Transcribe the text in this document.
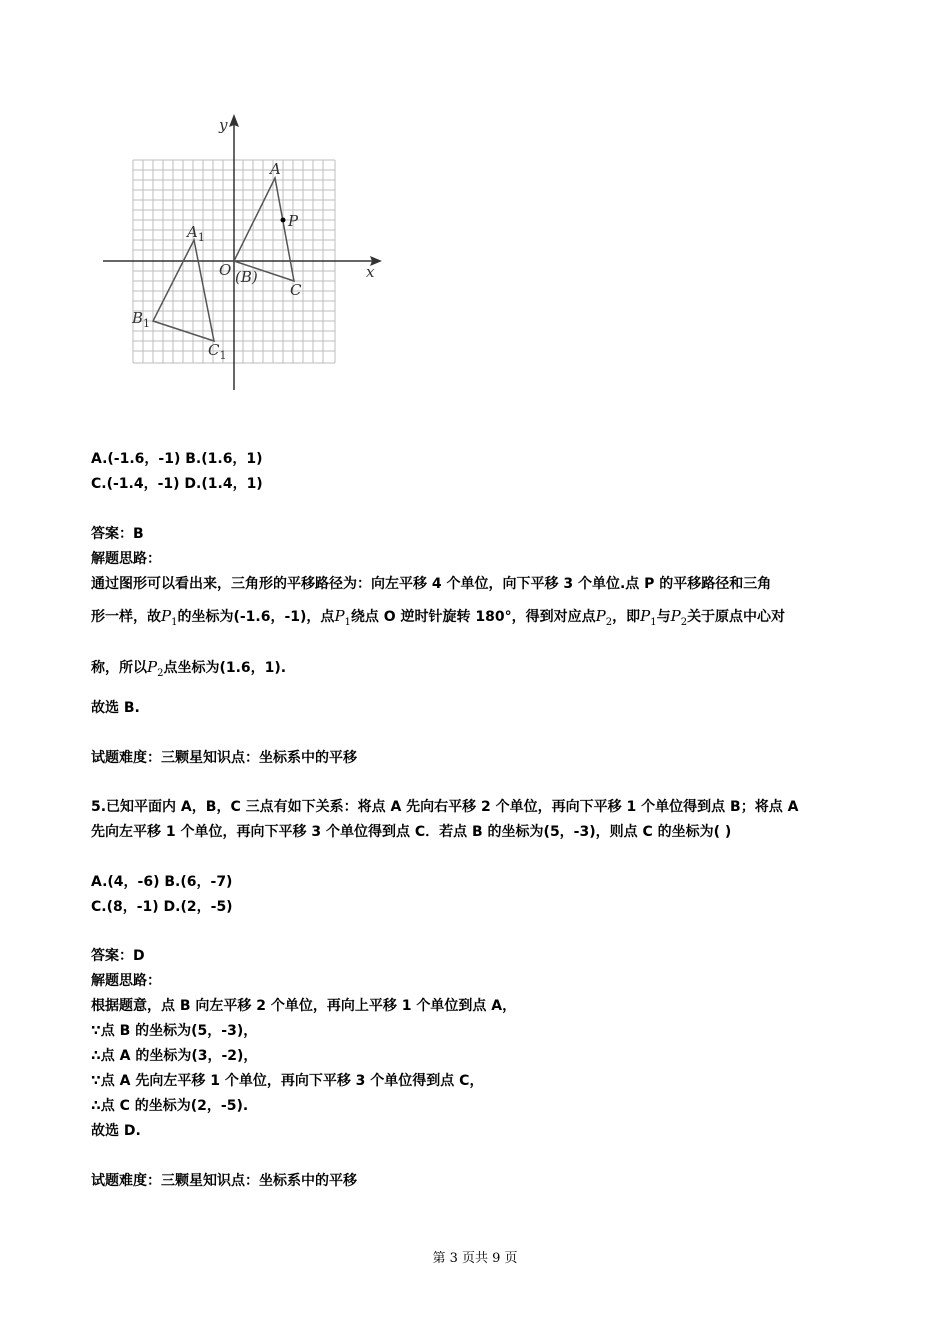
y
x
A
P
$A_1$
O (B)
C
$B_1$
$C_1$
A.(-1.6，-1) B.(1.6，1)
C.(-1.4，-1) D.(1.4，1)
答案：B
解题思路：
通过图形可以看出来，三角形的平移路径为：向左平移 4 个单位，向下平移 3 个单位.点 P 的平移路径和三角
形一样，故$P_1$的坐标为(-1.6，-1)，点$P_1$绕点 O 逆时针旋转 180°，得到对应点$P_2$，即$P_1$与$P_2$关于原点中心对
称，所以$P_2$点坐标为(1.6，1).
故选 B.
试题难度：三颗星知识点：坐标系中的平移
5.已知平面内 A，B，C 三点有如下关系：将点 A 先向右平移 2 个单位，再向下平移 1 个单位得到点 B；将点 A
先向左平移 1 个单位，再向下平移 3 个单位得到点 C．若点 B 的坐标为(5，-3)，则点 C 的坐标为( )
A.(4，-6) B.(6，-7)
C.(8，-1) D.(2，-5)
答案：D
解题思路：
根据题意，点 B 向左平移 2 个单位，再向上平移 1 个单位到点 A，
∵点 B 的坐标为(5，-3)，
∴点 A 的坐标为(3，-2)，
∵点 A 先向左平移 1 个单位，再向下平移 3 个单位得到点 C，
∴点 C 的坐标为(2，-5).
故选 D.
试题难度：三颗星知识点：坐标系中的平移
第 3 页共 9 页
